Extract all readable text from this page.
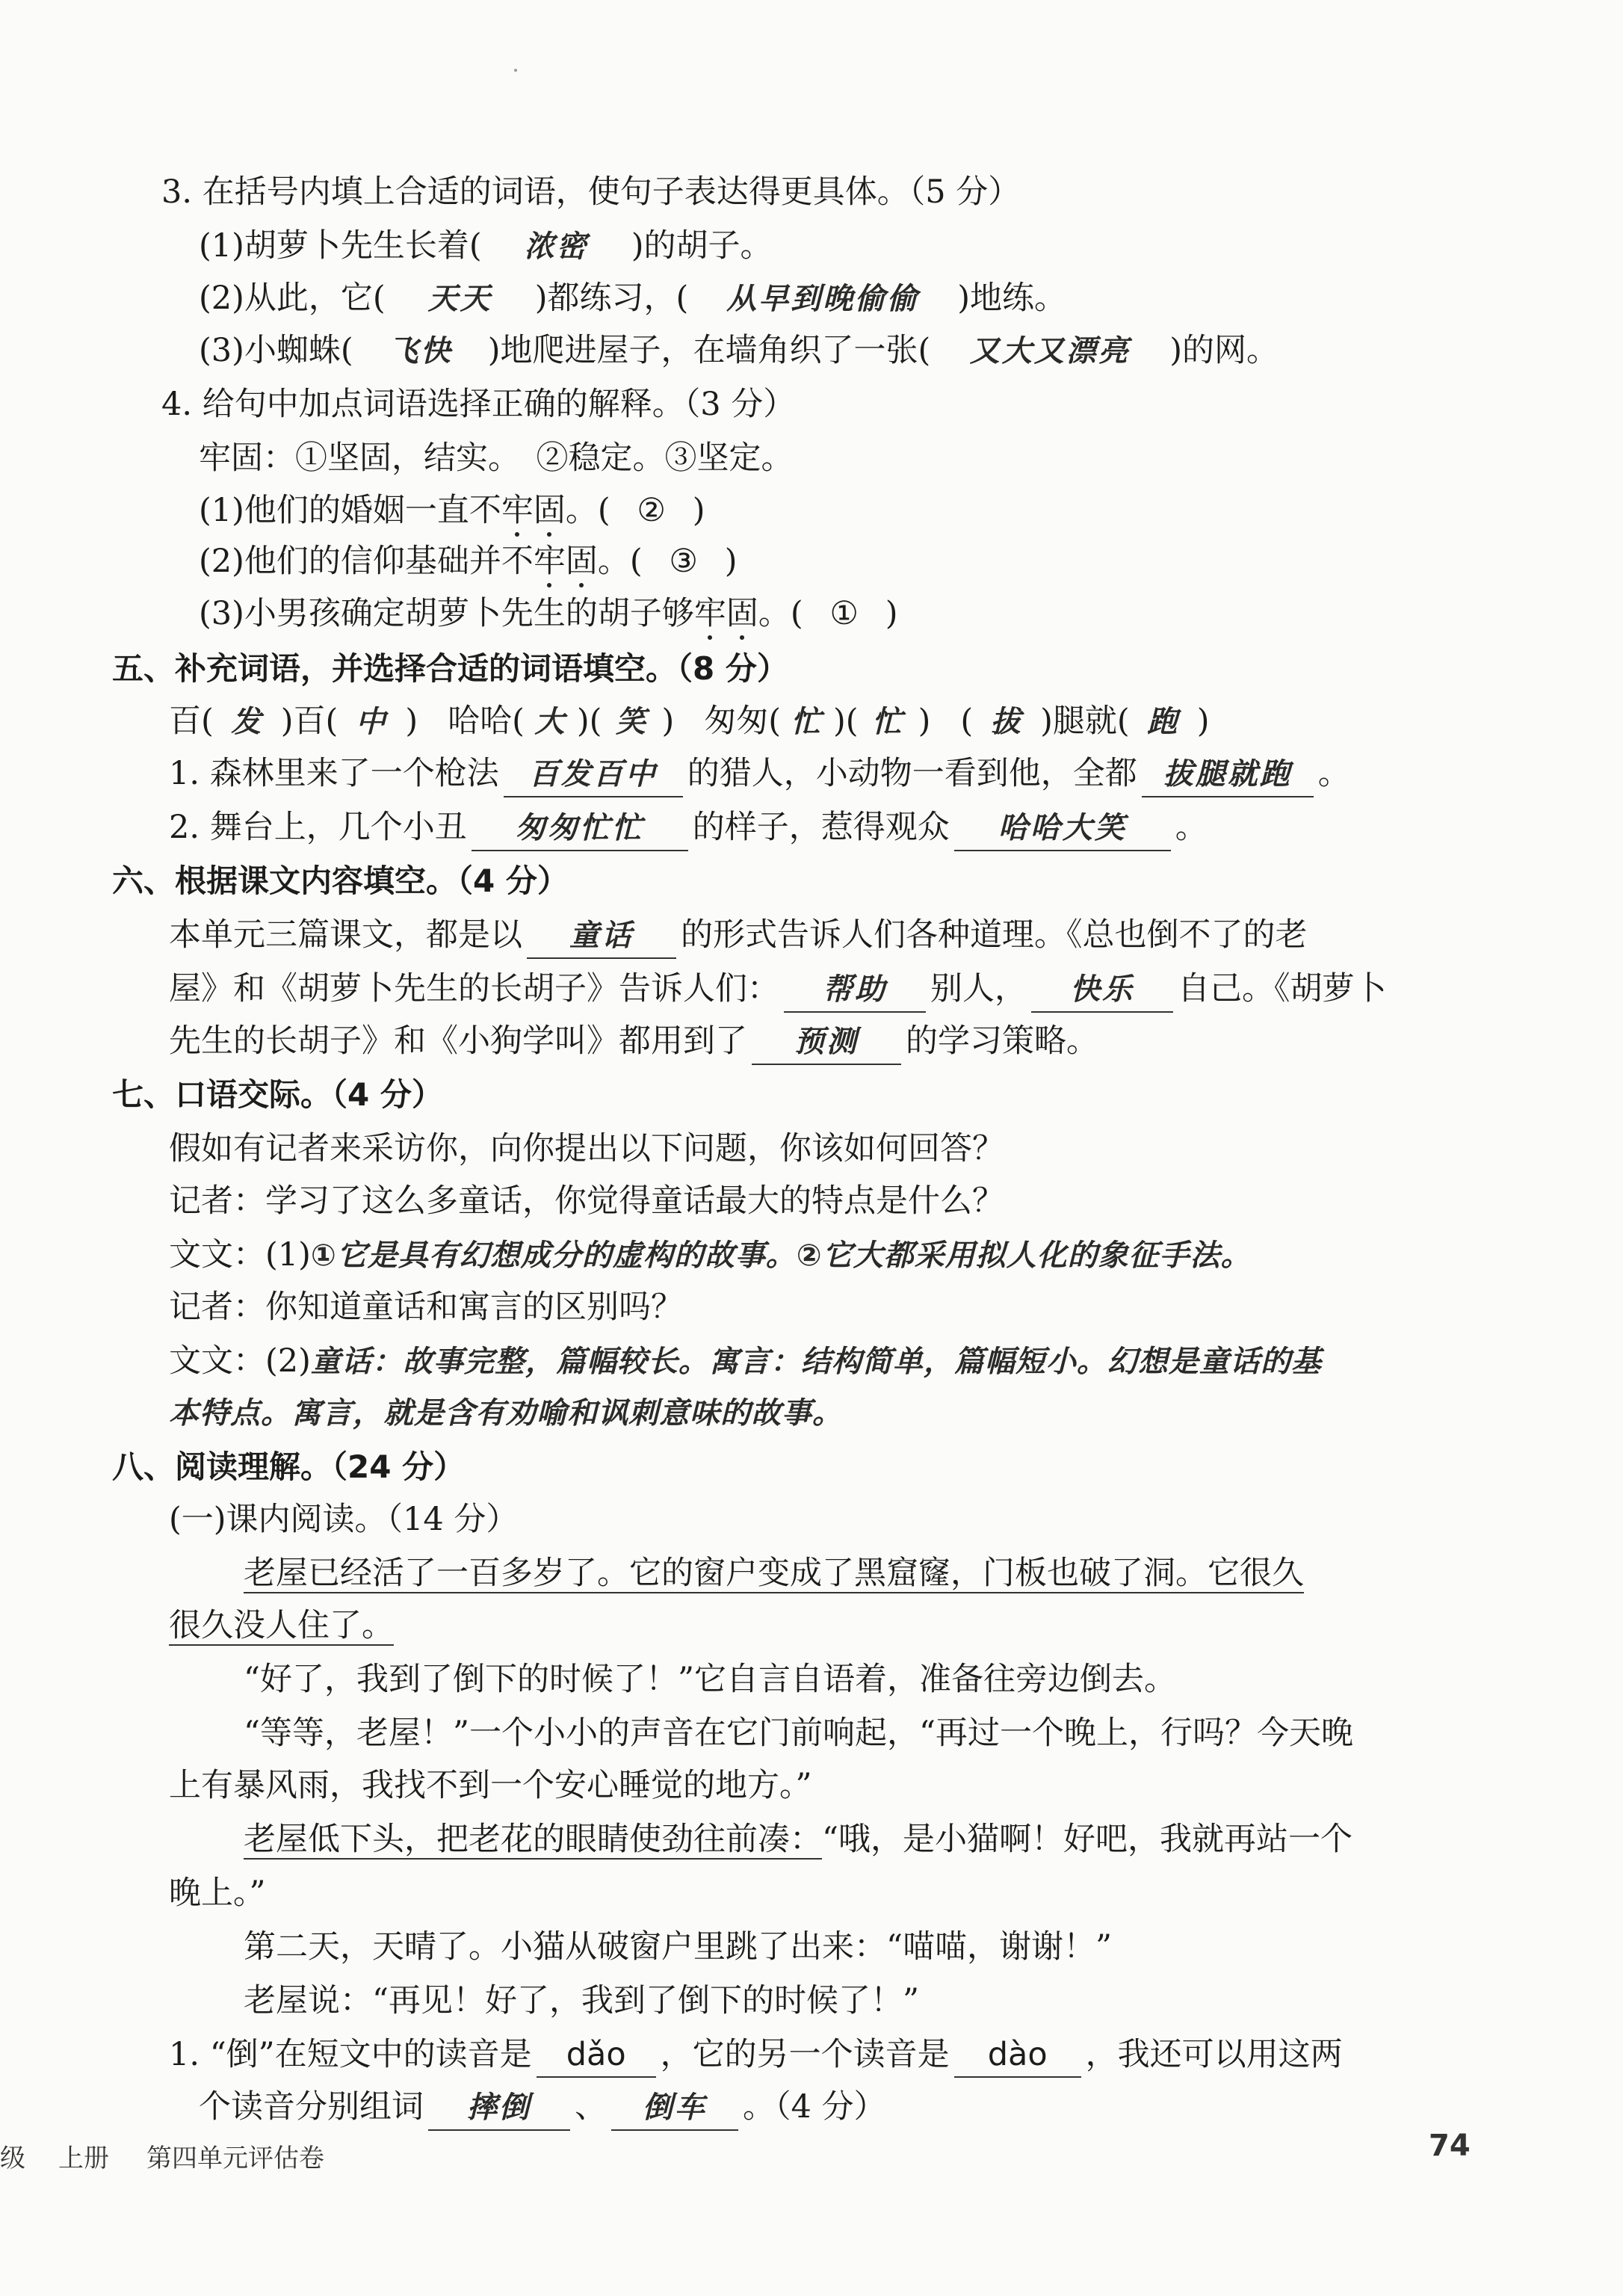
3. 在括号内填上合适的词语，使句子表达得更具体。（5 分）
(1)胡萝卜先生长着( 浓密 )的胡子。
(2)从此，它( 天天 )都练习，( 从早到晚偷偷 )地练。
(3)小蜘蛛( 飞快 )地爬进屋子，在墙角织了一张( 又大又漂亮 )的网。
4. 给句中加点词语选择正确的解释。（3 分）
牢固：①坚固，结实。　②稳定。③坚定。
(1)他们的婚姻一直不牢固。( ② )
(2)他们的信仰基础并不牢固。( ③ )
(3)小男孩确定胡萝卜先生的胡子够牢固。( ① )
五、补充词语，并选择合适的词语填空。（8 分）
百( 发 )百( 中 ) 哈哈( 大 )( 笑 ) 匆匆( 忙 )( 忙 ) ( 拔 )腿就( 跑 )
1. 森林里来了一个枪法 百发百中 的猎人，小动物一看到他，全都 拔腿就跑 。
2. 舞台上，几个小丑 匆匆忙忙 的样子，惹得观众 哈哈大笑 。
六、根据课文内容填空。（4 分）
本单元三篇课文，都是以 童话 的形式告诉人们各种道理。《总也倒不了的老
屋》和《胡萝卜先生的长胡子》告诉人们： 帮助 别人， 快乐 自己。《胡萝卜
先生的长胡子》和《小狗学叫》都用到了 预测 的学习策略。
七、口语交际。（4 分）
假如有记者来采访你，向你提出以下问题，你该如何回答？
记者：学习了这么多童话，你觉得童话最大的特点是什么？
文文：(1)①它是具有幻想成分的虚构的故事。②它大都采用拟人化的象征手法。
记者：你知道童话和寓言的区别吗？
文文：(2)童话：故事完整，篇幅较长。寓言：结构简单，篇幅短小。幻想是童话的基
本特点。寓言，就是含有劝喻和讽刺意味的故事。
八、阅读理解。（24 分）
(一)课内阅读。（14 分）
老屋已经活了一百多岁了。它的窗户变成了黑窟窿，门板也破了洞。它很久
很久没人住了。
“好了，我到了倒下的时候了！”它自言自语着，准备往旁边倒去。
“等等，老屋！”一个小小的声音在它门前响起，“再过一个晚上，行吗？今天晚
上有暴风雨，我找不到一个安心睡觉的地方。”
老屋低下头，把老花的眼睛使劲往前凑：“哦，是小猫啊！好吧，我就再站一个
晚上。”
第二天，天晴了。小猫从破窗户里跳了出来：“喵喵，谢谢！”
老屋说：“再见！好了，我到了倒下的时候了！”
1. “倒”在短文中的读音是 dǎo ，它的另一个读音是 dào ，我还可以用这两
个读音分别组词 摔倒 、 倒车 。（4 分）
级 上册 第四单元评估卷	74
